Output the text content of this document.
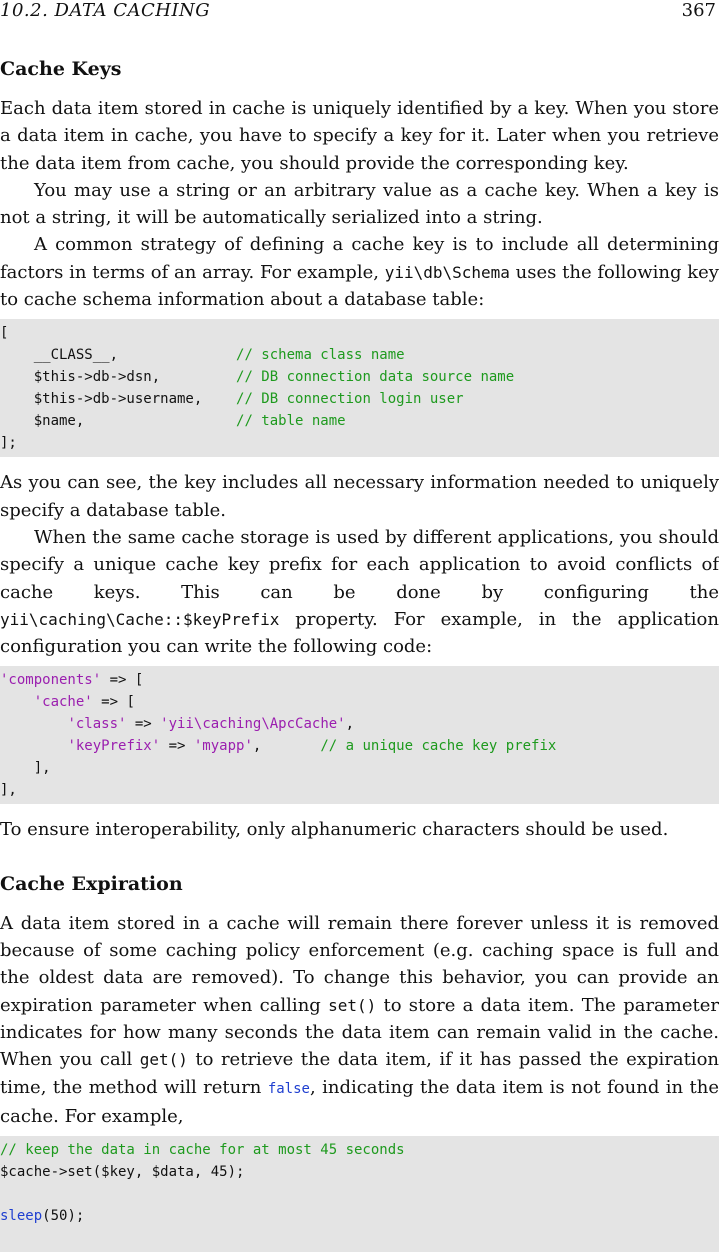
10.2. DATA CACHING	367
Cache Keys

Each data item stored in cache is uniquely identified by a key. When you store a data item in cache, you have to specify a key for it. Later when you retrieve the data item from cache, you should provide the corresponding key.

You may use a string or an arbitrary value as a cache key. When a key is not a string, it will be automatically serialized into a string.

A common strategy of defining a cache key is to include all determining factors in terms of an array. For example, yii\db\Schema uses the following key to cache schema information about a database table:

[
__CLASS__,              // schema class name
$this->db->dsn,         // DB connection data source name
$this->db->username,    // DB connection login user
$name,                  // table name
];

As you can see, the key includes all necessary information needed to uniquely specify a database table.

When the same cache storage is used by different applications, you should specify a unique cache key prefix for each application to avoid conflicts of cache keys. This can be done by configuring the yii\caching\Cache::$keyPrefix property. For example, in the application configuration you can write the following code:

'components' => [
'cache' => [
'class' => 'yii\caching\ApcCache',
'keyPrefix' => 'myapp',       // a unique cache key prefix
],
],

To ensure interoperability, only alphanumeric characters should be used.

Cache Expiration

A data item stored in a cache will remain there forever unless it is removed because of some caching policy enforcement (e.g. caching space is full and the oldest data are removed). To change this behavior, you can provide an expiration parameter when calling set() to store a data item. The parameter indicates for how many seconds the data item can remain valid in the cache. When you call get() to retrieve the data item, if it has passed the expiration time, the method will return false, indicating the data item is not found in the cache. For example,

// keep the data in cache for at most 45 seconds
$cache->set($key, $data, 45);
sleep(50);
